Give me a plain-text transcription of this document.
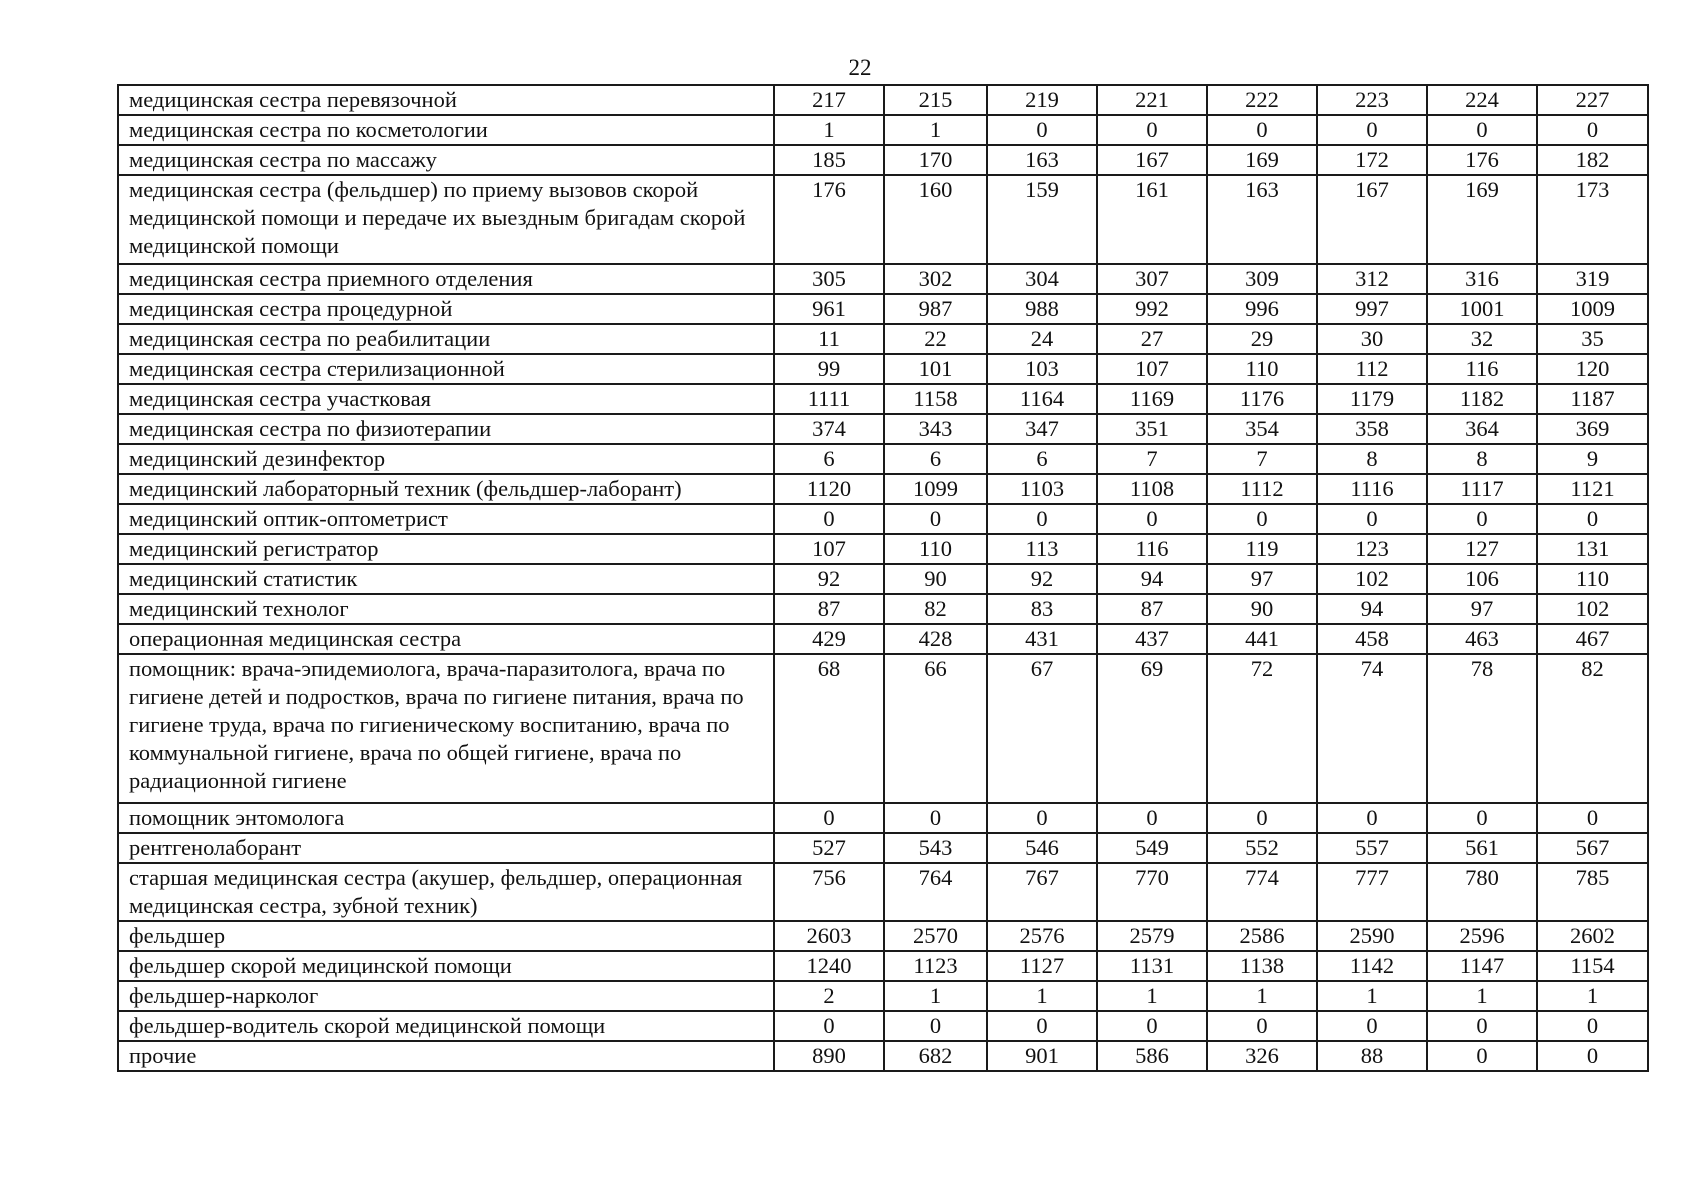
22
медицинская сестра перевязочной	217	215	219	221	222	223	224	227
медицинская сестра по косметологии	1	1	0	0	0	0	0	0
медицинская сестра по массажу	185	170	163	167	169	172	176	182
медицинская сестра (фельдшер) по приему вызовов скорой медицинской помощи и передаче их выездным бригадам скорой медицинской помощи	176	160	159	161	163	167	169	173
медицинская сестра приемного отделения	305	302	304	307	309	312	316	319
медицинская сестра процедурной	961	987	988	992	996	997	1001	1009
медицинская сестра по реабилитации	11	22	24	27	29	30	32	35
медицинская сестра стерилизационной	99	101	103	107	110	112	116	120
медицинская сестра участковая	1111	1158	1164	1169	1176	1179	1182	1187
медицинская сестра по физиотерапии	374	343	347	351	354	358	364	369
медицинский дезинфектор	6	6	6	7	7	8	8	9
медицинский лабораторный техник (фельдшер-лаборант)	1120	1099	1103	1108	1112	1116	1117	1121
медицинский оптик-оптометрист	0	0	0	0	0	0	0	0
медицинский регистратор	107	110	113	116	119	123	127	131
медицинский статистик	92	90	92	94	97	102	106	110
медицинский технолог	87	82	83	87	90	94	97	102
операционная медицинская сестра	429	428	431	437	441	458	463	467
помощник: врача-эпидемиолога, врача-паразитолога, врача по гигиене детей и подростков, врача по гигиене питания, врача по гигиене труда, врача по гигиеническому воспитанию, врача по коммунальной гигиене, врача по общей гигиене, врача по радиационной гигиене	68	66	67	69	72	74	78	82
помощник энтомолога	0	0	0	0	0	0	0	0
рентгенолаборант	527	543	546	549	552	557	561	567
старшая медицинская сестра (акушер, фельдшер, операционная медицинская сестра, зубной техник)	756	764	767	770	774	777	780	785
фельдшер	2603	2570	2576	2579	2586	2590	2596	2602
фельдшер скорой медицинской помощи	1240	1123	1127	1131	1138	1142	1147	1154
фельдшер-нарколог	2	1	1	1	1	1	1	1
фельдшер-водитель скорой медицинской помощи	0	0	0	0	0	0	0	0
прочие	890	682	901	586	326	88	0	0
